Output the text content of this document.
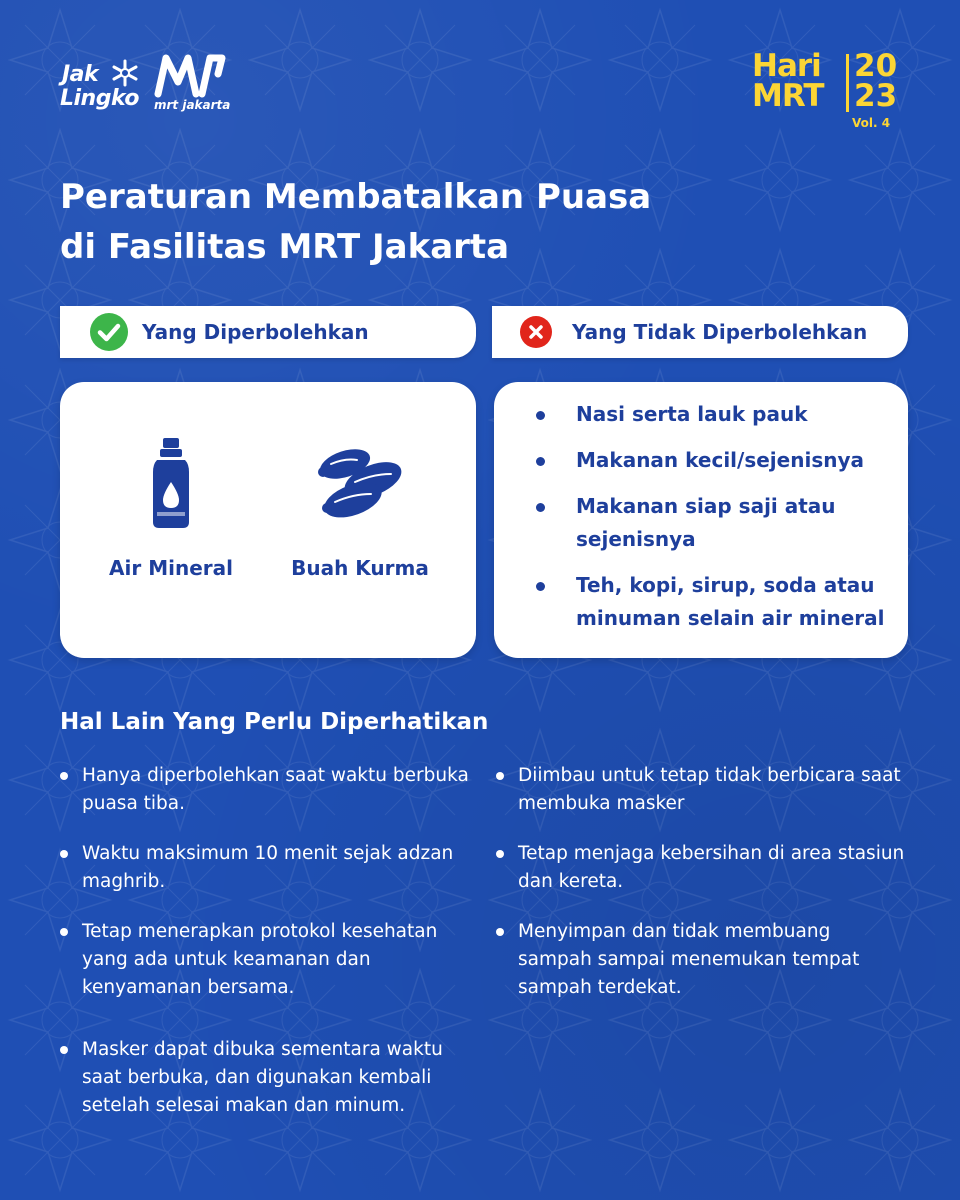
Jak
Lingko mrt jakarta
Hari
MRT
20
23
Vol. 4
Peraturan Membatalkan Puasa
di Fasilitas MRT Jakarta
Yang Diperbolehkan	Yang Tidak Diperbolehkan
Air Mineral	Buah Kurma
Nasi serta lauk pauk
Makanan kecil/sejenisnya
Makanan siap saji atau sejenisnya
Teh, kopi, sirup, soda atau minuman selain air mineral
Hal Lain Yang Perlu Diperhatikan
Hanya diperbolehkan saat waktu berbuka puasa tiba.
Waktu maksimum 10 menit sejak adzan maghrib.
Tetap menerapkan protokol kesehatan yang ada untuk keamanan dan kenyamanan bersama.
Masker dapat dibuka sementara waktu saat berbuka, dan digunakan kembali setelah selesai makan dan minum.
Diimbau untuk tetap tidak berbicara saat membuka masker
Tetap menjaga kebersihan di area stasiun dan kereta.
Menyimpan dan tidak membuang sampah sampai menemukan tempat sampah terdekat.
